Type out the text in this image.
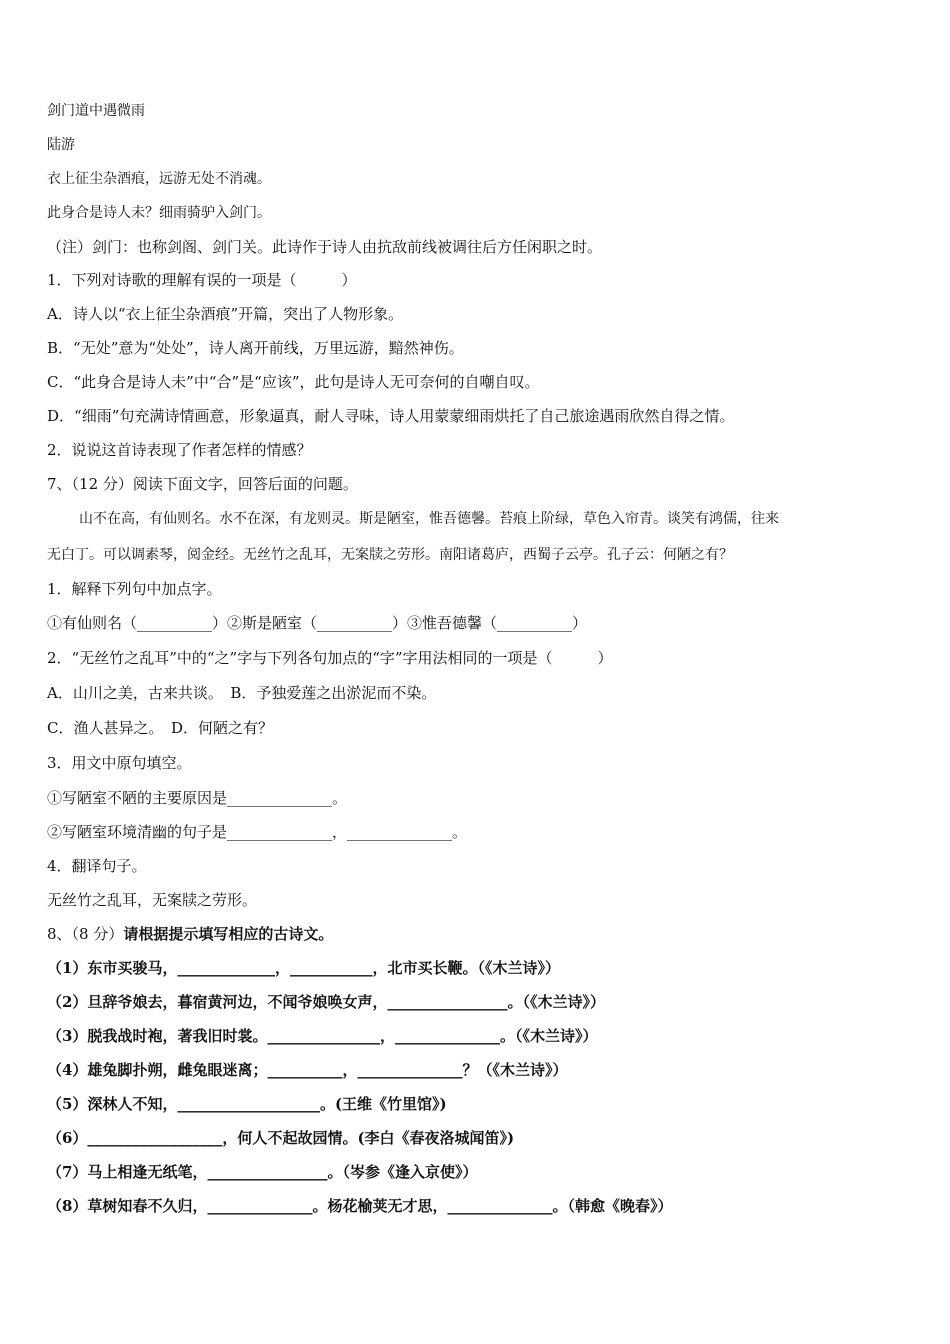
剑门道中遇微雨
陆游
衣上征尘杂酒痕，远游无处不消魂。
此身合是诗人未？细雨骑驴入剑门。
（注）剑门：也称剑阁、剑门关。此诗作于诗人由抗敌前线被调往后方任闲职之时。
1．下列对诗歌的理解有误的一项是（　　　）
A．诗人以“衣上征尘杂酒痕”开篇，突出了人物形象。
B．“无处”意为“处处”，诗人离开前线，万里远游，黯然神伤。
C．“此身合是诗人未”中“合”是“应该”，此句是诗人无可奈何的自嘲自叹。
D．“细雨”句充满诗情画意，形象逼真，耐人寻味，诗人用蒙蒙细雨烘托了自己旅途遇雨欣然自得之情。
2．说说这首诗表现了作者怎样的情感？
7、（12 分）阅读下面文字，回答后面的问题。
山不在高，有仙则名。水不在深，有龙则灵。斯是陋室，惟吾德馨。苔痕上阶绿，草色入帘青。谈笑有鸿儒，往来
无白丁。可以调素琴，阅金经。无丝竹之乱耳，无案牍之劳形。南阳诸葛庐，西蜀子云亭。孔子云：何陋之有？
1．解释下列句中加点字。
①有仙则名（__________）②斯是陋室（__________）③惟吾德馨（__________）
2．“无丝竹之乱耳”中的“之”字与下列各句加点的“字”字用法相同的一项是（　　　）
A．山川之美，古来共谈。　B．予独爱莲之出淤泥而不染。
C．渔人甚异之。　D．何陋之有？
3．用文中原句填空。
①写陋室不陋的主要原因是______________。
②写陋室环境清幽的句子是______________，______________。
4．翻译句子。
无丝竹之乱耳，无案牍之劳形。
8、（8 分）请根据提示填写相应的古诗文。
（1）东市买骏马，_____________，___________，北市买长鞭。（《木兰诗》）
（2）旦辞爷娘去，暮宿黄河边，不闻爷娘唤女声，________________。（《木兰诗》）
（3）脱我战时袍，著我旧时裳。_______________，______________。（《木兰诗》）
（4）雄兔脚扑朔，雌兔眼迷离；__________，______________？（《木兰诗》）
（5）深林人不知，___________________。(王维《竹里馆》)
（6）__________________，何人不起故园情。(李白《春夜洛城闻笛》)
（7）马上相逢无纸笔，________________。（岑参《逢入京使》）
（8）草树知春不久归，______________。杨花榆荚无才思，______________。（韩愈《晚春》）
